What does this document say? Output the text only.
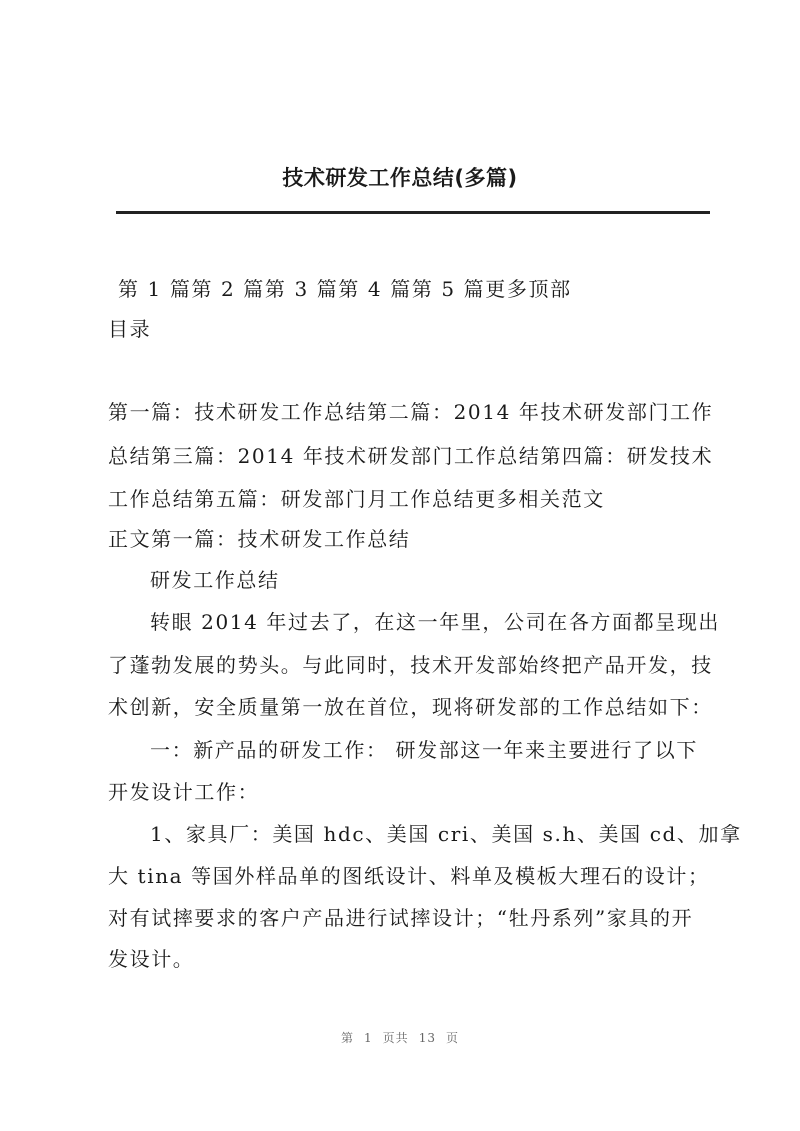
技术研发工作总结(多篇)
第 1 篇第 2 篇第 3 篇第 4 篇第 5 篇更多顶部
目录
第一篇：技术研发工作总结第二篇：2014 年技术研发部门工作
总结第三篇：2014 年技术研发部门工作总结第四篇：研发技术
工作总结第五篇：研发部门月工作总结更多相关范文
正文第一篇：技术研发工作总结
研发工作总结
转眼 2014 年过去了，在这一年里，公司在各方面都呈现出
了蓬勃发展的势头。与此同时，技术开发部始终把产品开发，技
术创新，安全质量第一放在首位，现将研发部的工作总结如下：
一：新产品的研发工作： 研发部这一年来主要进行了以下
开发设计工作：
1、家具厂：美国 hdc、美国 cri、美国 s.h、美国 cd、加拿
大 tina 等国外样品单的图纸设计、料单及模板大理石的设计；
对有试摔要求的客户产品进行试摔设计；“牡丹系列”家具的开
发设计。
第 1 页共 13 页
